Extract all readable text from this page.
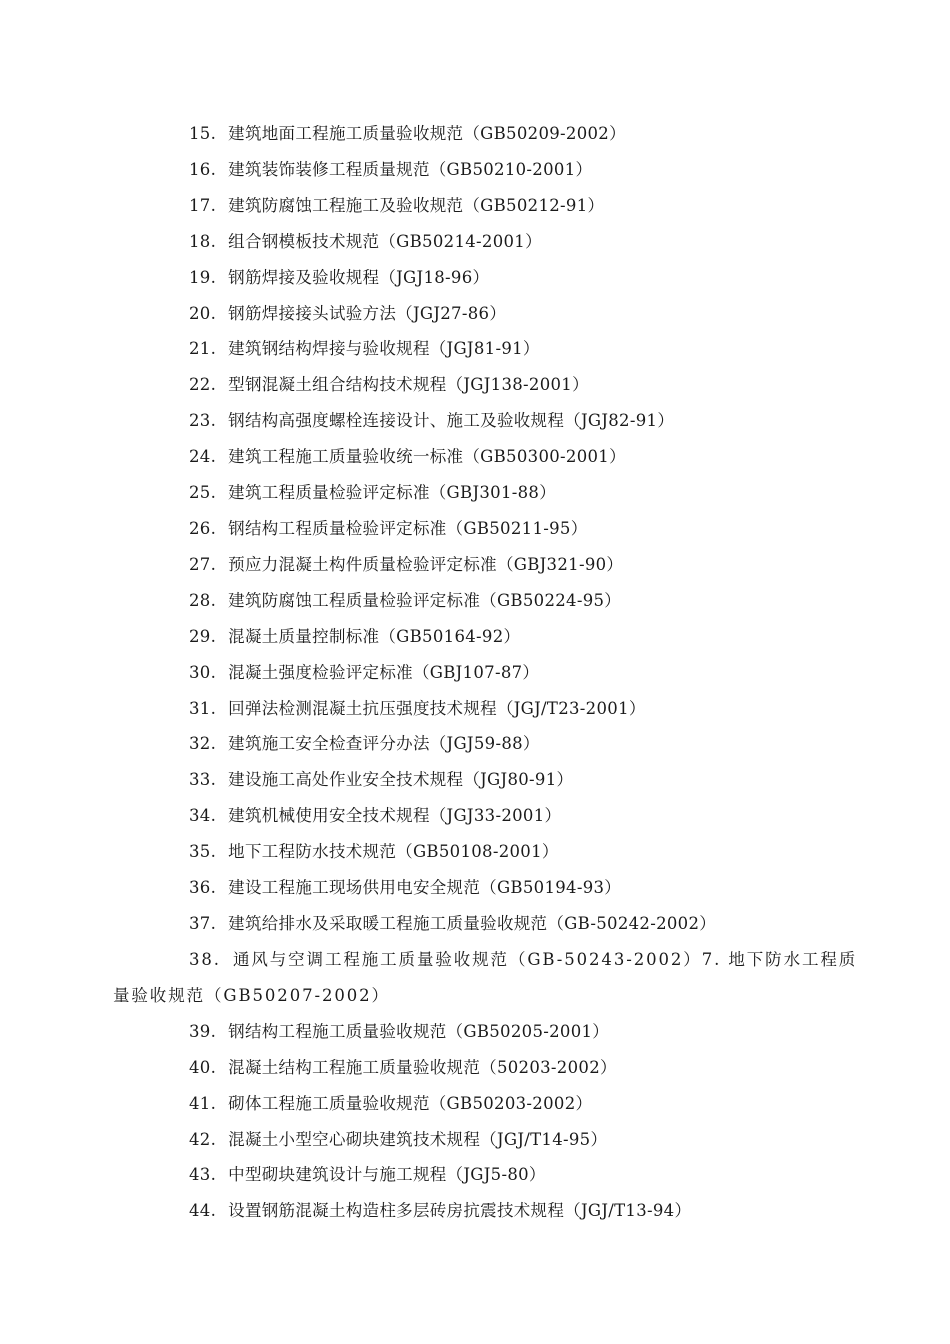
15. 建筑地面工程施工质量验收规范（GB50209-2002）
16. 建筑装饰装修工程质量规范（GB50210-2001）
17. 建筑防腐蚀工程施工及验收规范（GB50212-91）
18. 组合钢模板技术规范（GB50214-2001）
19. 钢筋焊接及验收规程（JGJ18-96）
20. 钢筋焊接接头试验方法（JGJ27-86）
21. 建筑钢结构焊接与验收规程（JGJ81-91）
22. 型钢混凝土组合结构技术规程（JGJ138-2001）
23. 钢结构高强度螺栓连接设计、施工及验收规程（JGJ82-91）
24. 建筑工程施工质量验收统一标准（GB50300-2001）
25. 建筑工程质量检验评定标准（GBJ301-88）
26. 钢结构工程质量检验评定标准（GB50211-95）
27. 预应力混凝土构件质量检验评定标准（GBJ321-90）
28. 建筑防腐蚀工程质量检验评定标准（GB50224-95）
29. 混凝土质量控制标准（GB50164-92）
30. 混凝土强度检验评定标准（GBJ107-87）
31. 回弹法检测混凝土抗压强度技术规程（JGJ/T23-2001）
32. 建筑施工安全检查评分办法（JGJ59-88）
33. 建设施工高处作业安全技术规程（JGJ80-91）
34. 建筑机械使用安全技术规程（JGJ33-2001）
35. 地下工程防水技术规范（GB50108-2001）
36. 建设工程施工现场供用电安全规范（GB50194-93）
37. 建筑给排水及采取暖工程施工质量验收规范（GB-50242-2002）
38. 通风与空调工程施工质量验收规范（GB-50243-2002）7. 地下防水工程质量验收规范（GB50207-2002）
39. 钢结构工程施工质量验收规范（GB50205-2001）
40. 混凝土结构工程施工质量验收规范（50203-2002）
41. 砌体工程施工质量验收规范（GB50203-2002）
42. 混凝土小型空心砌块建筑技术规程（JGJ/T14-95）
43. 中型砌块建筑设计与施工规程（JGJ5-80）
44. 设置钢筋混凝土构造柱多层砖房抗震技术规程（JGJ/T13-94）
